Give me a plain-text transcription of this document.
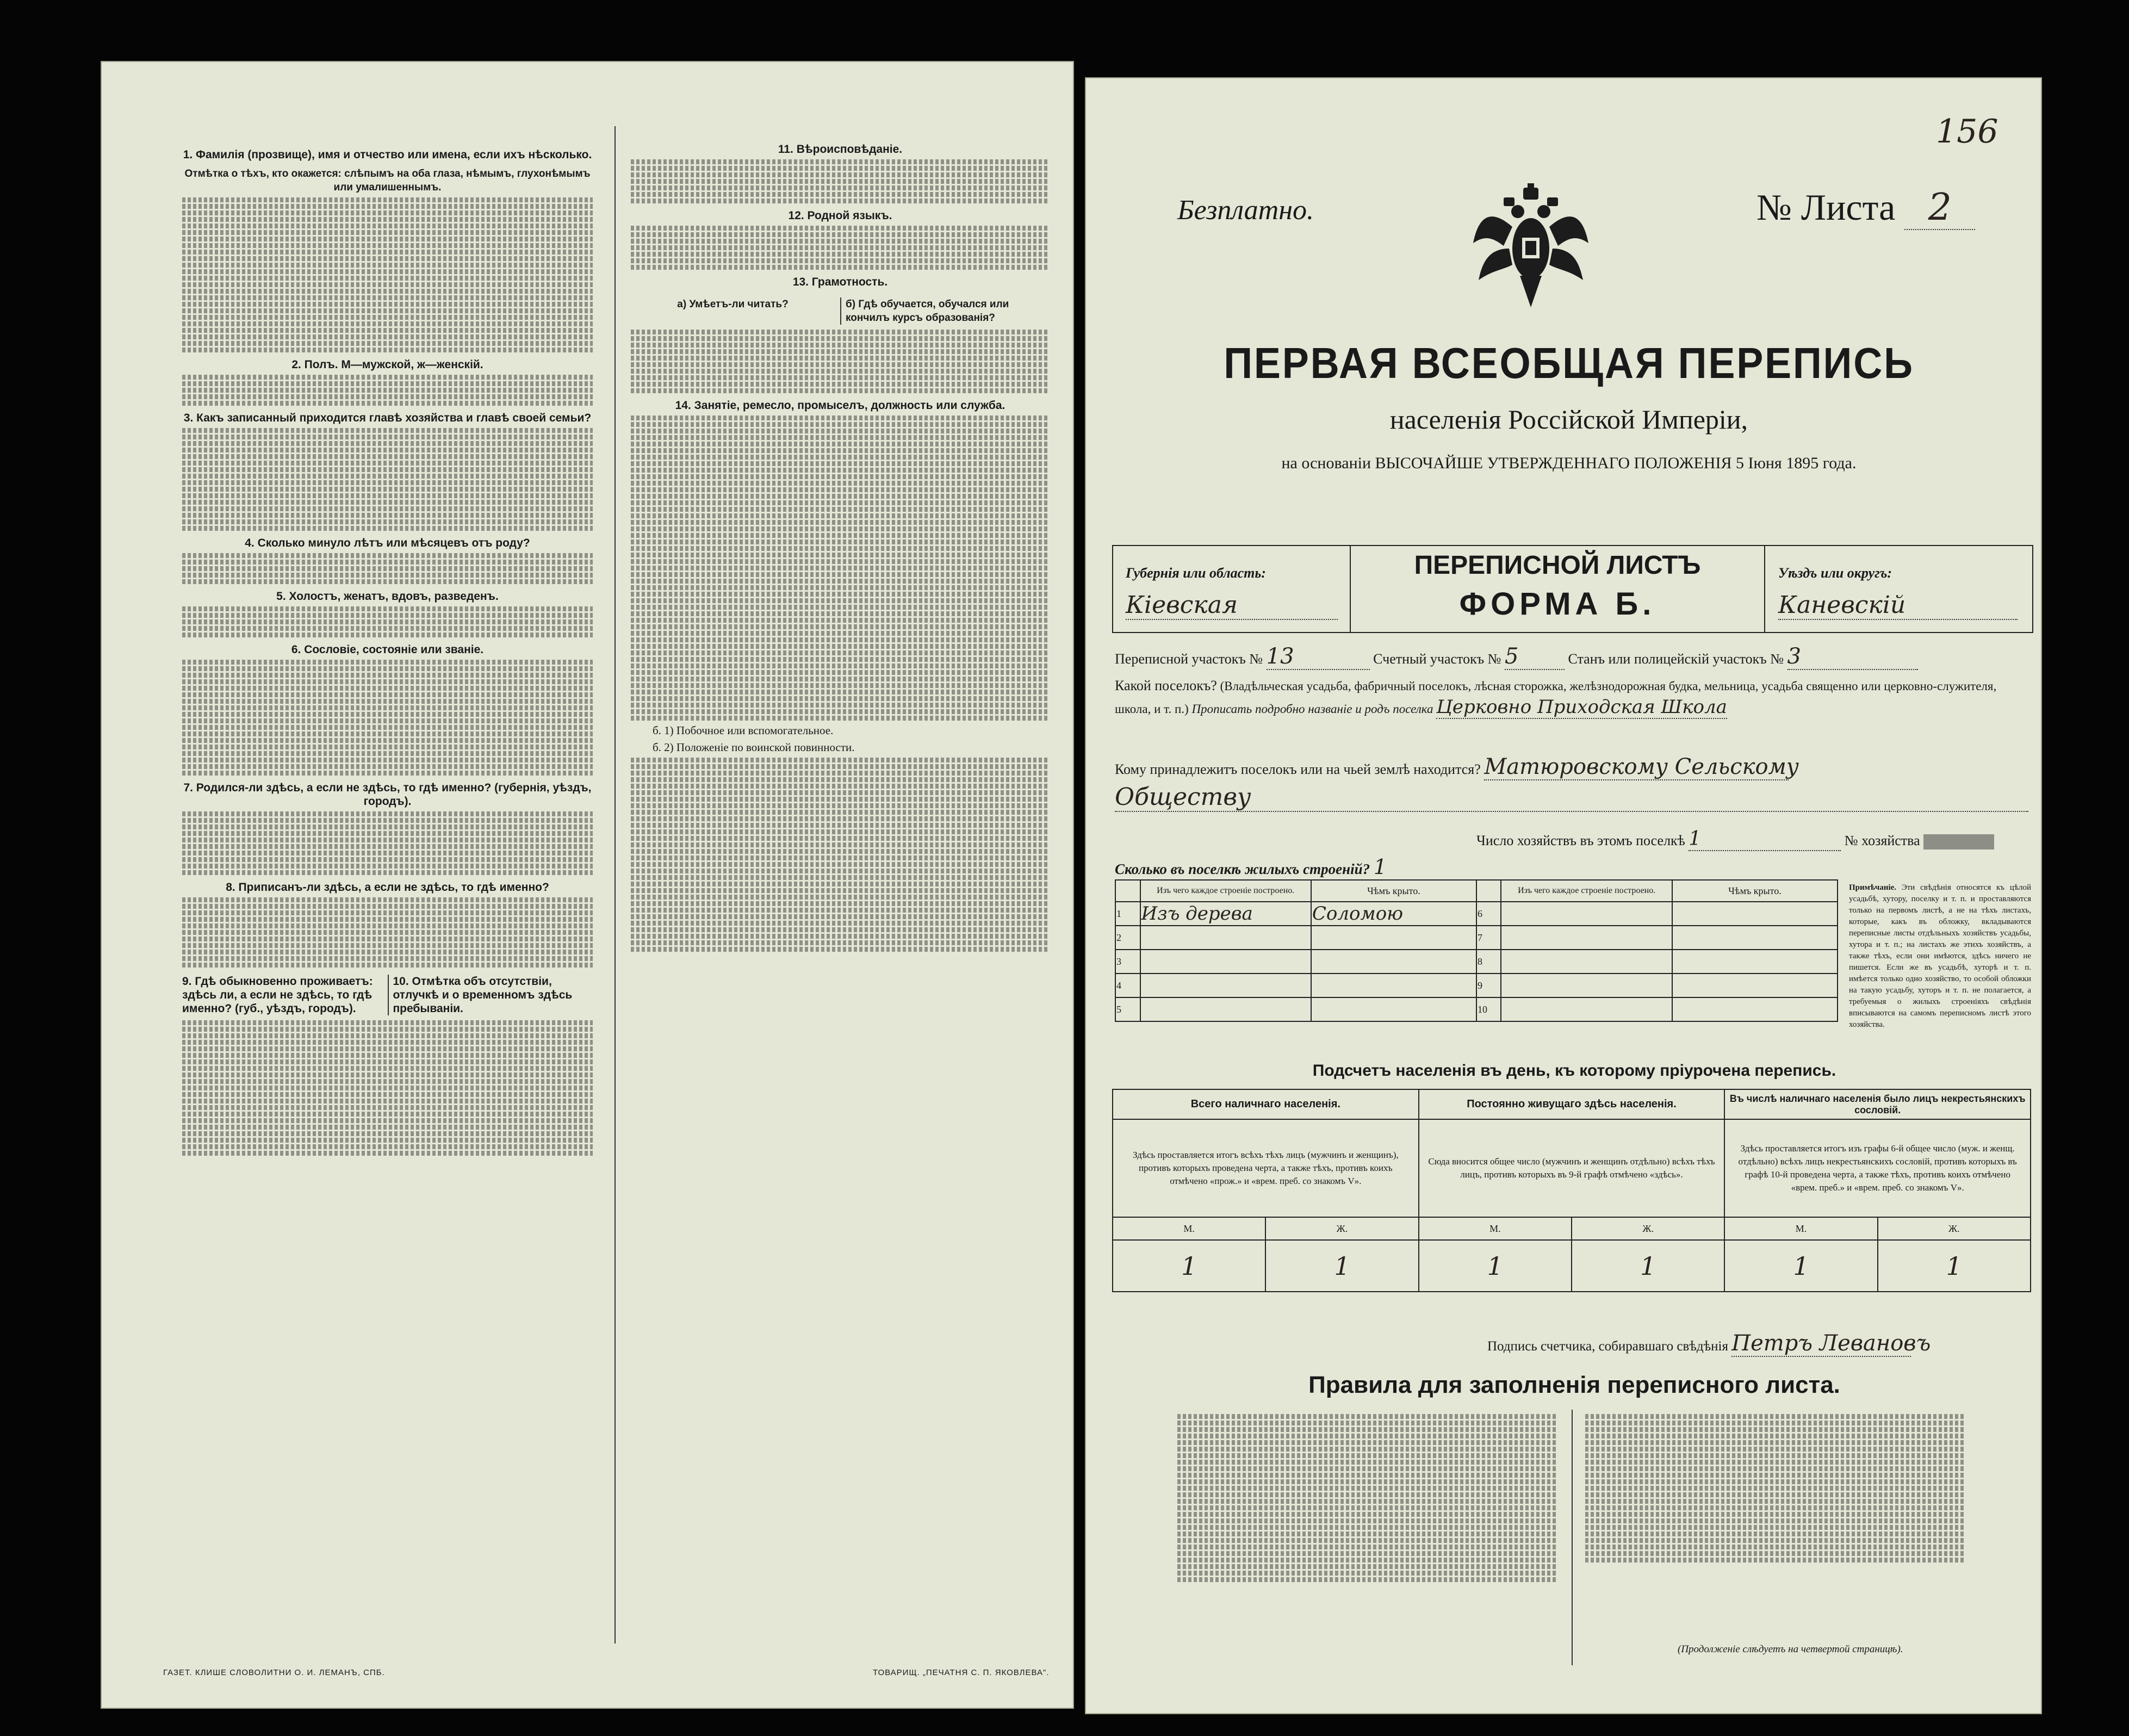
1. Фамилія (прозвище), имя и отчество или имена, если ихъ нѣсколько.
Отмѣтка о тѣхъ, кто окажется: слѣпымъ на оба глаза, нѣмымъ, глухонѣмымъ или умалишеннымъ.
2. Полъ. М—мужской, ж—женскій.
3. Какъ записанный приходится главѣ хозяйства и главѣ своей семьи?
4. Сколько минуло лѣтъ или мѣсяцевъ отъ роду?
5. Холостъ, женатъ, вдовъ, разведенъ.
6. Сословіе, состояніе или званіе.
7. Родился-ли здѣсь, а если не здѣсь, то гдѣ именно? (губернія, уѣздъ, городъ).
8. Приписанъ-ли здѣсь, а если не здѣсь, то гдѣ именно?
9. Гдѣ обыкновенно проживаетъ: здѣсь ли, а если не здѣсь, то гдѣ именно? (губ., уѣздъ, городъ).
10. Отмѣтка объ отсутствіи, отлучкѣ и о временномъ здѣсь пребываніи.
11. Вѣроисповѣданіе.
12. Родной языкъ.
13. Грамотность.
а) Умѣетъ-ли читать?	б) Гдѣ обучается, обучался или кончилъ курсъ образованія?
14. Занятіе, ремесло, промыселъ, должность или служба.

б. 1) Побочное или вспомогательное.

б. 2) Положеніе по воинской повинности.

ГАЗЕТ. КЛИШЕ СЛОВОЛИТНИ О. И. ЛЕМАНЪ, СПБ.	ТОВАРИЩ. „ПЕЧАТНЯ С. П. ЯКОВЛЕВА".
156
Безплатно.	№ Листа 2
ПЕРВАЯ ВСЕОБЩАЯ ПЕРЕПИСЬ
населенія Россійской Имперіи,
на основаніи ВЫСОЧАЙШЕ УТВЕРЖДЕННАГО ПОЛОЖЕНІЯ 5 Іюня 1895 года.
ПЕРЕПИСНОЙ ЛИСТЪ
ФОРМА Б.
Губернія или область:
Кіевская
Уѣздъ или округъ:
Каневскій
Переписной участокъ № 13	Счетный участокъ № 5	Станъ или полицейскій участокъ № 3
Какой поселокъ? (Владѣльческая усадьба, фабричный поселокъ, лѣсная сторожка, желѣзнодорожная будка, мельница, усадьба священно или церковно-служителя, школа, и т. п.) Прописать подробно названіе и родъ поселка Церковно Приходская Школа
Кому принадлежитъ поселокъ или на чьей землѣ находится? Матюровскому Сельскому
Обществу
Число хозяйствъ въ этомъ поселкѣ 1	№ хозяйства
Сколько въ поселкѣ жилыхъ строеній? 1
	Изъ чего каждое строеніе построено.	Чѣмъ крыто.		Изъ чего каждое строеніе построено.	Чѣмъ крыто.
1	Изъ дерева	Соломою	6		
2			7		
3			8		
4			9		
5			10		
Примѣчаніе. Эти свѣдѣнія относятся къ цѣлой усадьбѣ, хутору, поселку и т. п. и проставляются только на первомъ листѣ, а не на тѣхъ листахъ, которые, какъ въ обложку, вкладываются переписные листы отдѣльныхъ хозяйствъ усадьбы, хутора и т. п.; на листахъ же этихъ хозяйствъ, а также тѣхъ, если они имѣются, здѣсь ничего не пишется. Если же въ усадьбѣ, хуторѣ и т. п. имѣется только одно хозяйство, то особой обложки на такую усадьбу, хуторъ и т. п. не полагается, а требуемыя о жилыхъ строеніяхъ свѣдѣнія вписываются на самомъ переписномъ листѣ этого хозяйства.
Подсчетъ населенія въ день, къ которому пріурочена перепись.
Всего наличнаго населенія.		Постоянно живущаго здѣсь населенія.		Въ числѣ наличнаго населенія было лицъ некрестьянскихъ сословій.	
Здѣсь проставляется итогъ всѣхъ тѣхъ лицъ (мужчинъ и женщинъ), противъ которыхъ проведена черта, а также тѣхъ, противъ коихъ отмѣчено «прож.» и «врем. преб. со знакомъ V».		Сюда вносится общее число (мужчинъ и женщинъ отдѣльно) всѣхъ тѣхъ лицъ, противъ которыхъ въ 9-й графѣ отмѣчено «здѣсь».		Здѣсь проставляется итогъ изъ графы 6-й общее число (муж. и женщ. отдѣльно) всѣхъ лицъ некрестьянскихъ сословій, противъ которыхъ въ графѣ 10-й проведена черта, а также тѣхъ, противъ коихъ отмѣчено «врем. преб.» и «врем. преб. со знакомъ V».	
М.	Ж.	М.	Ж.	М.	Ж.
1	1	1	1	1	1
Подпись счетчика, собиравшаго свѣдѣнія Петръ Левановъ
Правила для заполненія переписного листа.
(Продолженіе слѣдуетъ на четвертой страницѣ).
